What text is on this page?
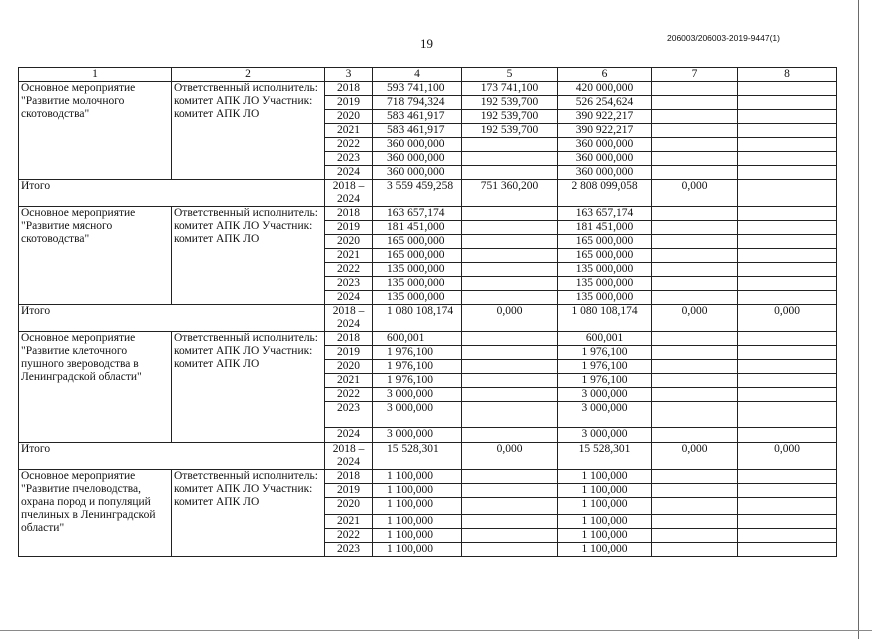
19	206003/206003-2019-9447(1)
1	2	3	4	5	6	7	8
Основное мероприятие "Развитие молочного скотоводства"	Ответственный исполнитель: комитет АПК ЛО Участник: комитет АПК ЛО	2018	593 741,100	173 741,100	420 000,000		
		2019	718 794,324	192 539,700	526 254,624		
		2020	583 461,917	192 539,700	390 922,217		
		2021	583 461,917	192 539,700	390 922,217		
		2022	360 000,000		360 000,000		
		2023	360 000,000		360 000,000		
		2024	360 000,000		360 000,000		
Итого		2018 – 2024	3 559 459,258	751 360,200	2 808 099,058	0,000	
Основное мероприятие "Развитие мясного скотоводства"	Ответственный исполнитель: комитет АПК ЛО Участник: комитет АПК ЛО	2018	163 657,174		163 657,174		
		2019	181 451,000		181 451,000		
		2020	165 000,000		165 000,000		
		2021	165 000,000		165 000,000		
		2022	135 000,000		135 000,000		
		2023	135 000,000		135 000,000		
		2024	135 000,000		135 000,000		
Итого		2018 – 2024	1 080 108,174	0,000	1 080 108,174	0,000	0,000
Основное мероприятие "Развитие клеточного пушного звероводства в Ленинградской области"	Ответственный исполнитель: комитет АПК ЛО Участник: комитет АПК ЛО	2018	600,001		600,001		
		2019	1 976,100		1 976,100		
		2020	1 976,100		1 976,100		
		2021	1 976,100		1 976,100		
		2022	3 000,000		3 000,000		
		2023	3 000,000		3 000,000		
		2024	3 000,000		3 000,000		
Итого		2018 – 2024	15 528,301	0,000	15 528,301	0,000	0,000
Основное мероприятие "Развитие пчеловодства, охрана пород и популяций пчелиных в Ленинградской области"	Ответственный исполнитель: комитет АПК ЛО Участник: комитет АПК ЛО	2018	1 100,000		1 100,000		
		2019	1 100,000		1 100,000		
		2020	1 100,000		1 100,000		
		2021	1 100,000		1 100,000		
		2022	1 100,000		1 100,000		
		2023	1 100,000		1 100,000		
